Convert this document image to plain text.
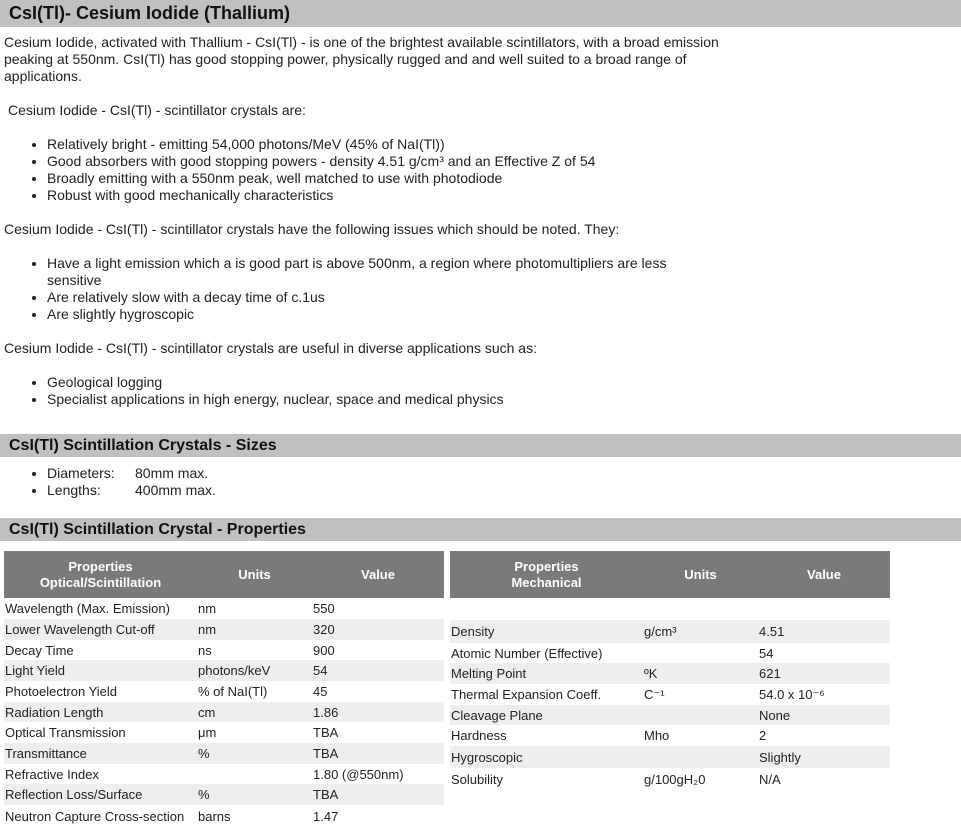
CsI(Tl)- Cesium Iodide (Thallium)

Cesium Iodide, activated with Thallium - CsI(Tl) - is one of the brightest available scintillators, with a broad emission peaking at 550nm. CsI(Tl) has good stopping power, physically rugged and and well suited to a broad range of applications.

Cesium Iodide - CsI(Tl) - scintillator crystals are:

• Relatively bright - emitting 54,000 photons/MeV (45% of NaI(Tl))
• Good absorbers with good stopping powers - density 4.51 g/cm³ and an Effective Z of 54
• Broadly emitting with a 550nm peak, well matched to use with photodiode
• Robust with good mechanically characteristics

Cesium Iodide - CsI(Tl) - scintillator crystals have the following issues which should be noted. They:

• Have a light emission which a is good part is above 500nm, a region where photomultipliers are less sensitive
• Are relatively slow with a decay time of c.1us
• Are slightly hygroscopic

Cesium Iodide - CsI(Tl) - scintillator crystals are useful in diverse applications such as:

• Geological logging
• Specialist applications in high energy, nuclear, space and medical physics
CsI(Tl) Scintillation Crystals - Sizes
• Diameters: 80mm max.
• Lengths: 400mm max.
CsI(Tl) Scintillation Crystal - Properties
Properties
Optical/Scintillation	Units	Value
Wavelength (Max. Emission)	nm	550
Lower Wavelength Cut-off	nm	320
Decay Time	ns	900
Light Yield	photons/keV	54
Photoelectron Yield	% of NaI(Tl)	45
Radiation Length	cm	1.86
Optical Transmission	μm	TBA
Transmittance	%	TBA
Refractive Index		1.80 (@550nm)
Reflection Loss/Surface	%	TBA
Neutron Capture Cross-section	barns	1.47
Properties
Mechanical	Units	Value

Density	g/cm³	4.51
Atomic Number (Effective)		54
Melting Point	ºK	621
Thermal Expansion Coeff.	C⁻¹	54.0 x 10⁻⁶
Cleavage Plane		None
Hardness	Mho	2
Hygroscopic		Slightly
Solubility	g/100gH₂0	N/A
